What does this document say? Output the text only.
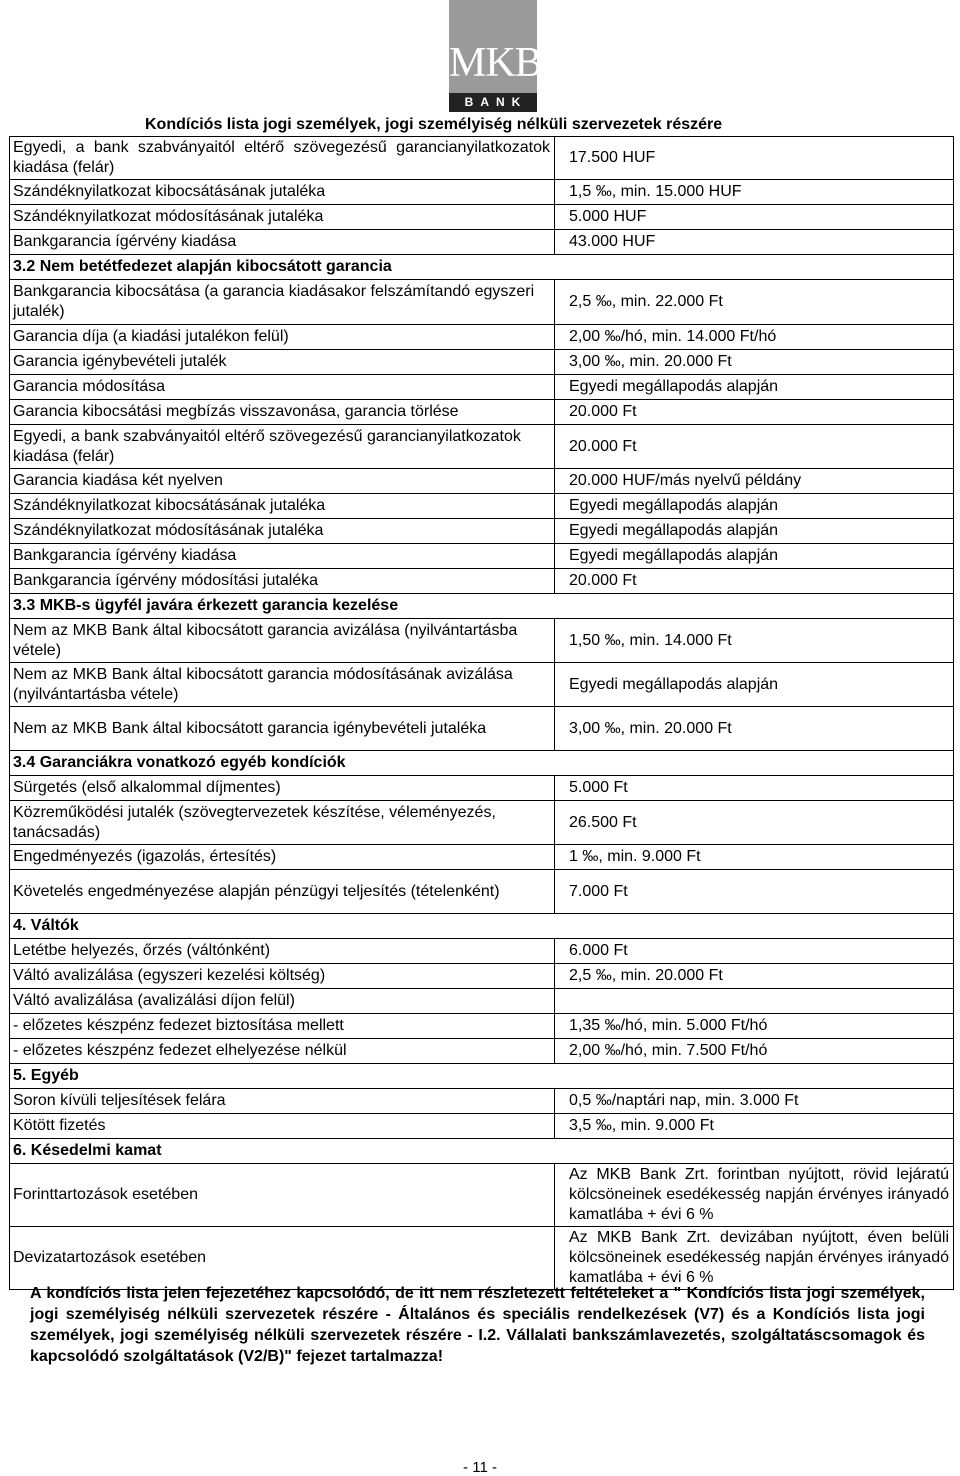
MKB
BANK
Kondíciós lista jogi személyek, jogi személyiség nélküli szervezetek részére
Egyedi, a bank szabványaitól eltérő szövegezésű garancianyilatkozatok kiadása (felár)	17.500 HUF
Szándéknyilatkozat kibocsátásának jutaléka	1,5 ‰, min. 15.000 HUF
Szándéknyilatkozat módosításának jutaléka	5.000 HUF
Bankgarancia ígérvény kiadása	43.000 HUF
3.2 Nem betétfedezet alapján kibocsátott garancia	
Bankgarancia kibocsátása (a garancia kiadásakor felszámítandó egyszeri jutalék)	2,5 ‰, min. 22.000 Ft
Garancia díja (a kiadási jutalékon felül)	2,00 ‰/hó, min. 14.000 Ft/hó
Garancia igénybevételi jutalék	3,00 ‰, min. 20.000 Ft
Garancia módosítása	Egyedi megállapodás alapján
Garancia kibocsátási megbízás visszavonása, garancia törlése	20.000 Ft
Egyedi, a bank szabványaitól eltérő szövegezésű garancianyilatkozatok kiadása (felár)	20.000 Ft
Garancia kiadása két nyelven	20.000 HUF/más nyelvű példány
Szándéknyilatkozat kibocsátásának jutaléka	Egyedi megállapodás alapján
Szándéknyilatkozat módosításának jutaléka	Egyedi megállapodás alapján
Bankgarancia ígérvény kiadása	Egyedi megállapodás alapján
Bankgarancia ígérvény módosítási jutaléka	20.000 Ft
3.3 MKB-s ügyfél javára érkezett garancia kezelése	
Nem az MKB Bank által kibocsátott garancia avizálása (nyilvántartásba vétele)	1,50 ‰, min. 14.000 Ft
Nem az MKB Bank által kibocsátott garancia módosításának avizálása (nyilvántartásba vétele)	Egyedi megállapodás alapján
Nem az MKB Bank által kibocsátott garancia igénybevételi jutaléka	3,00 ‰, min. 20.000 Ft
3.4 Garanciákra vonatkozó egyéb kondíciók	
Sürgetés (első alkalommal díjmentes)	5.000 Ft
Közreműködési jutalék (szövegtervezetek készítése, véleményezés, tanácsadás)	26.500 Ft
Engedményezés (igazolás, értesítés)	1 ‰, min. 9.000 Ft
Követelés engedményezése alapján pénzügyi teljesítés (tételenként)	7.000 Ft
4. Váltók	
Letétbe helyezés, őrzés (váltónként)	6.000 Ft
Váltó avalizálása (egyszeri kezelési költség)	2,5 ‰, min. 20.000 Ft
Váltó avalizálása (avalizálási díjon felül)	
- előzetes készpénz fedezet biztosítása mellett	1,35 ‰/hó, min. 5.000 Ft/hó
- előzetes készpénz fedezet elhelyezése nélkül	2,00 ‰/hó, min. 7.500 Ft/hó
5. Egyéb	
Soron kívüli teljesítések felára	0,5 ‰/naptári nap, min. 3.000 Ft
Kötött fizetés	3,5 ‰, min. 9.000 Ft
6. Késedelmi kamat	
Forinttartozások esetében	Az MKB Bank Zrt. forintban nyújtott, rövid lejáratú kölcsöneinek esedékesség napján érvényes irányadó kamatlába + évi 6 %
Devizatartozások esetében	Az MKB Bank Zrt. devizában nyújtott, éven belüli kölcsöneinek esedékesség napján érvényes irányadó kamatlába + évi 6 %
A kondíciós lista jelen fejezetéhez kapcsolódó, de itt nem részletezett feltételeket a " Kondíciós lista jogi személyek, jogi személyiség nélküli szervezetek részére - Általános és speciális rendelkezések (V7) és a Kondíciós lista jogi személyek, jogi személyiség nélküli szervezetek részére - I.2. Vállalati bankszámlavezetés, szolgáltatáscsomagok és kapcsolódó szolgáltatások (V2/B)" fejezet tartalmazza!
- 11 -
